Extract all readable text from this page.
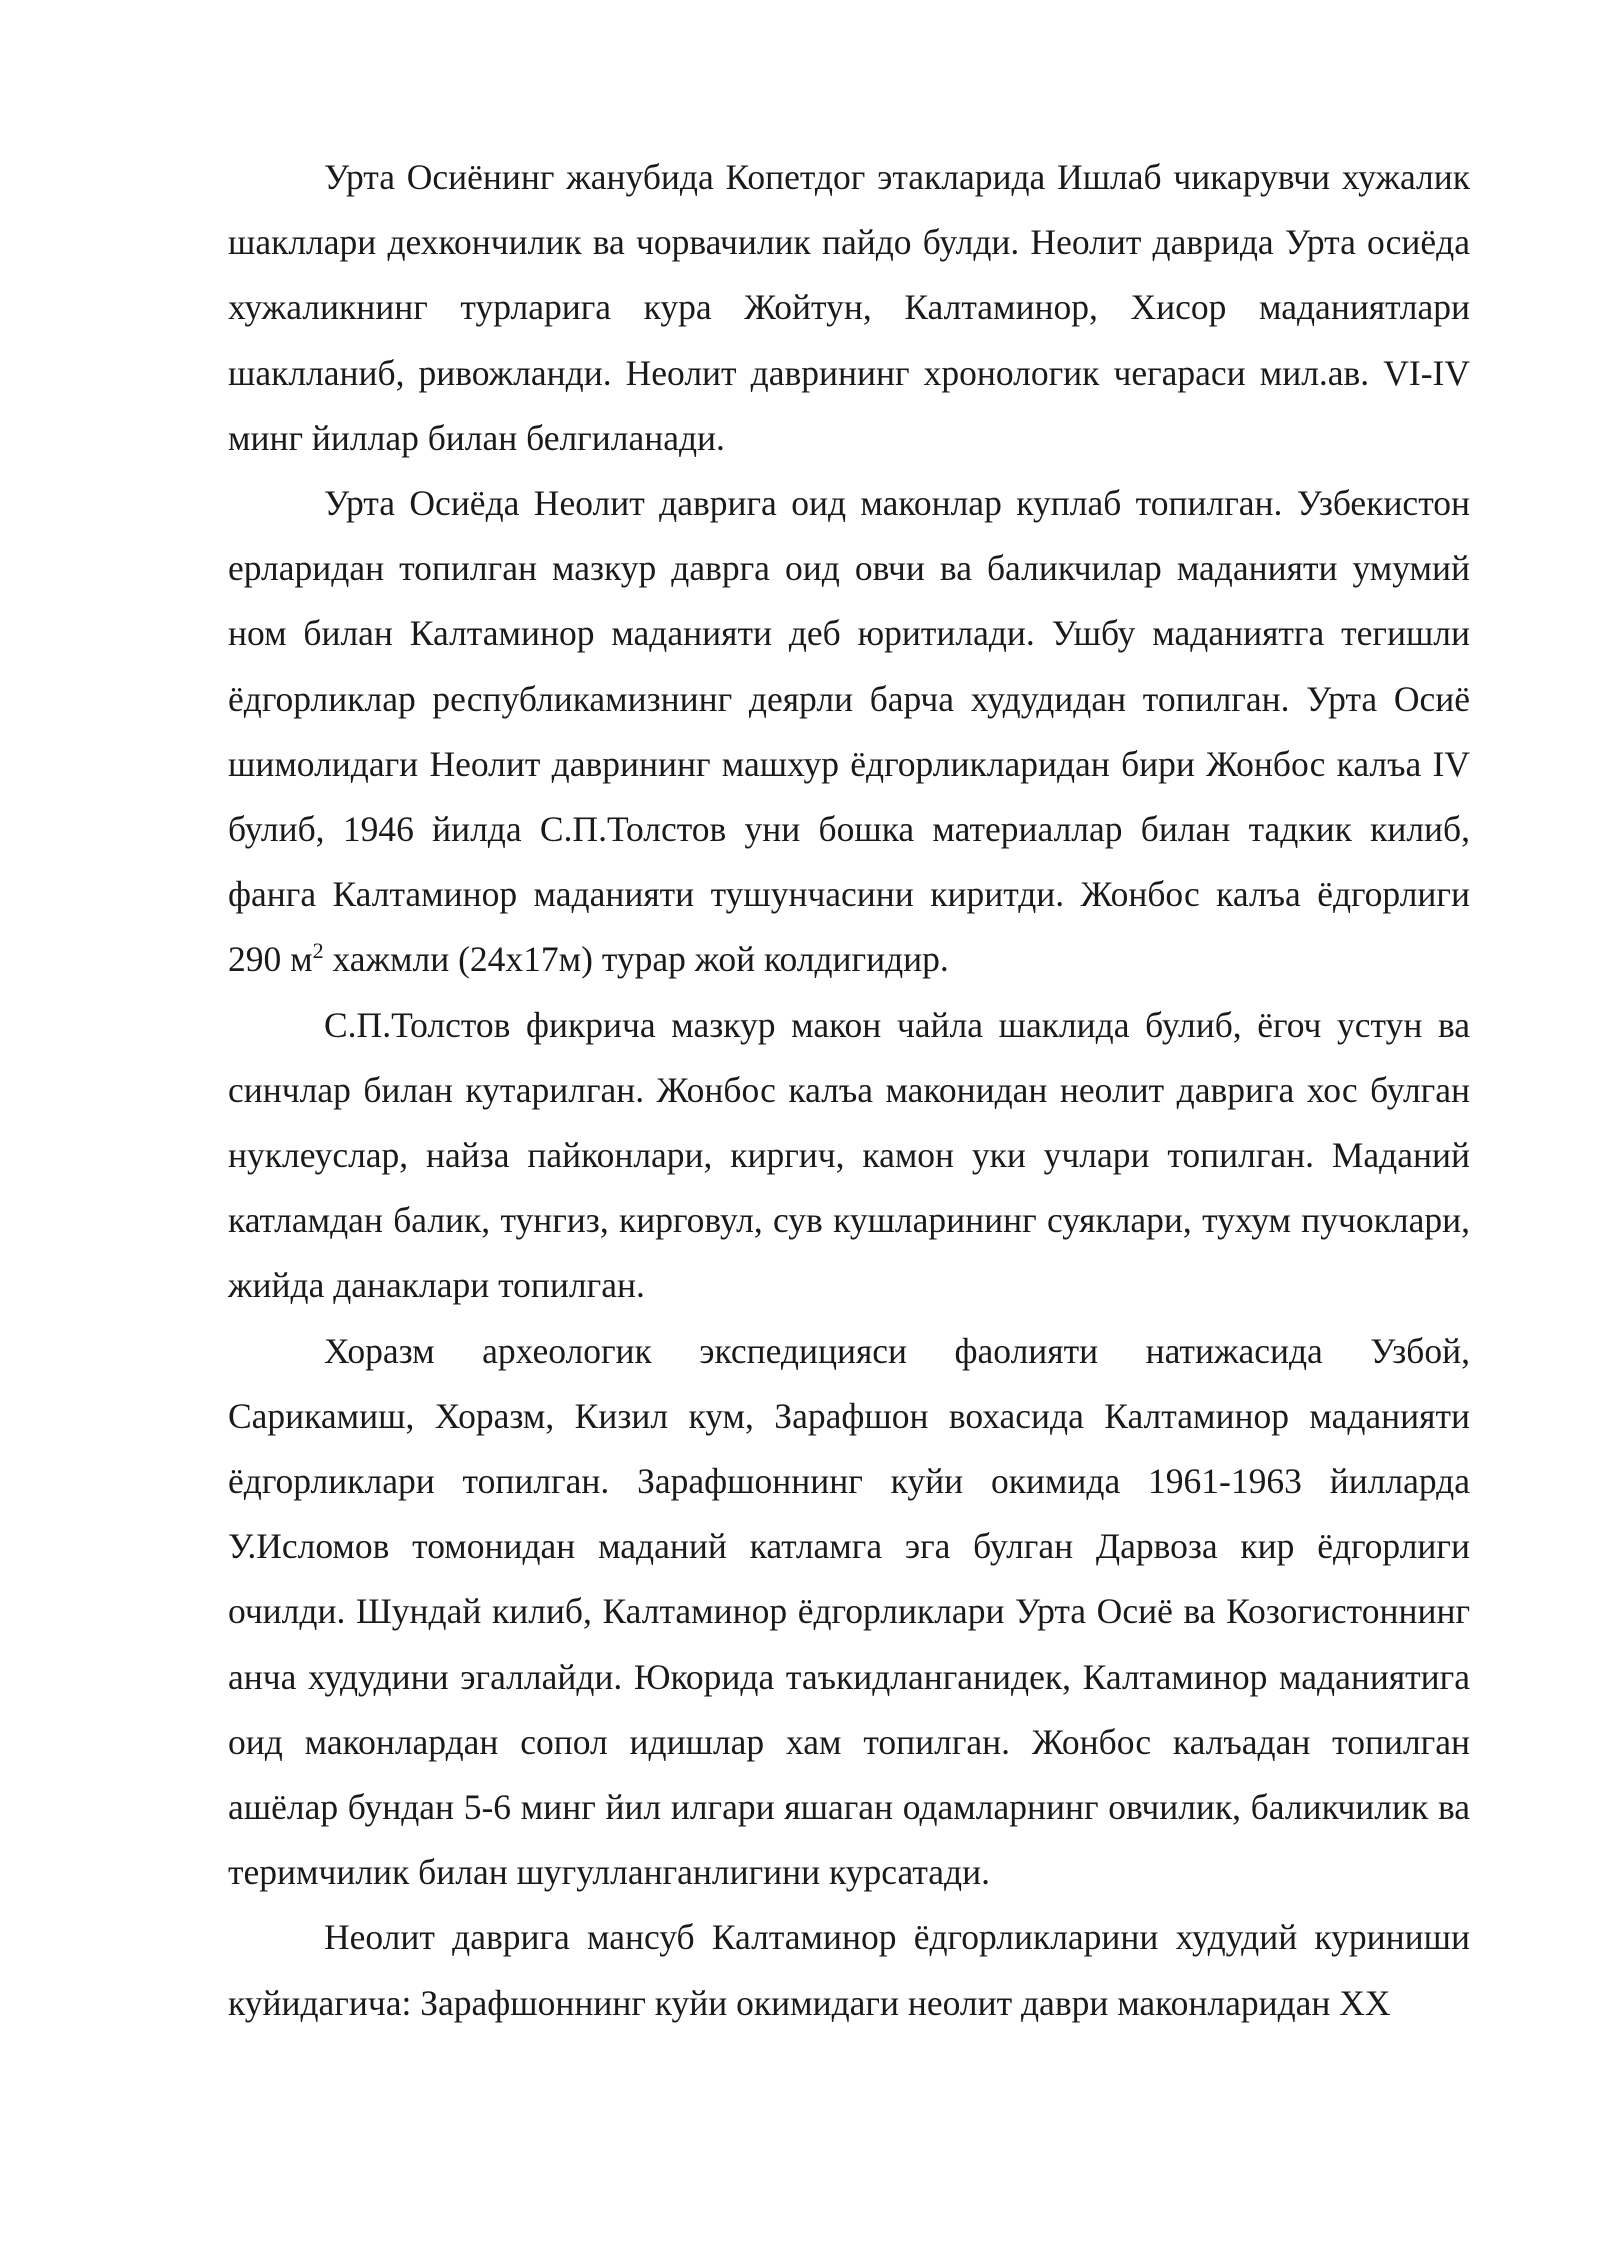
Урта Осиёнинг жанубида Копетдог этакларида Ишлаб чикарувчи хужалик шакллари дехкончилик ва чорвачилик пайдо булди. Неолит даврида Урта осиёда хужаликнинг турларига кура Жойтун, Калтаминор, Хисор маданиятлари шаклланиб, ривожланди. Неолит даврининг хронологик чегараси мил.ав. VI-IV минг йиллар билан белгиланади.

Урта Осиёда Неолит даврига оид маконлар куплаб топилган. Узбекистон ерларидан топилган мазкур даврга оид овчи ва баликчилар маданияти умумий ном билан Калтаминор маданияти деб юритилади. Ушбу маданиятга тегишли ёдгорликлар республикамизнинг деярли барча худудидан топилган. Урта Осиё шимолидаги Неолит даврининг машхур ёдгорликларидан бири Жонбос калъа IV булиб, 1946 йилда С.П.Толстов уни бошка материаллар билан тадкик килиб, фанга Калтаминор маданияти тушунчасини киритди. Жонбос калъа ёдгорлиги 290 $м^2$ хажмли (24х17м) турар жой колдигидир.

С.П.Толстов фикрича мазкур макон чайла шаклида булиб, ёгоч устун ва синчлар билан кутарилган. Жонбос калъа маконидан неолит даврига хос булган нуклеуслар, найза пайконлари, киргич, камон уки учлари топилган. Маданий катламдан балик, тунгиз, кирговул, сув кушларининг суяклари, тухум пучоклари, жийда данаклари топилган.

Хоразм археологик экспедицияси фаолияти натижасида Узбой, Сарикамиш, Хоразм, Кизил кум, Зарафшон вохасида Калтаминор маданияти ёдгорликлари топилган. Зарафшоннинг куйи окимида 1961-1963 йилларда У.Исломов томонидан маданий катламга эга булган Дарвоза кир ёдгорлиги очилди. Шундай килиб, Калтаминор ёдгорликлари Урта Осиё ва Козогистоннинг анча худудини эгаллайди. Юкорида таъкидланганидек, Калтаминор маданиятига оид маконлардан сопол идишлар хам топилган. Жонбос калъадан топилган ашёлар бундан 5-6 минг йил илгари яшаган одамларнинг овчилик, баликчилик ва теримчилик билан шугулланганлигини курсатади.

Неолит даврига мансуб Калтаминор ёдгорликларини худудий куриниши куйидагича: Зарафшоннинг куйи окимидаги неолит даври маконларидан XX
